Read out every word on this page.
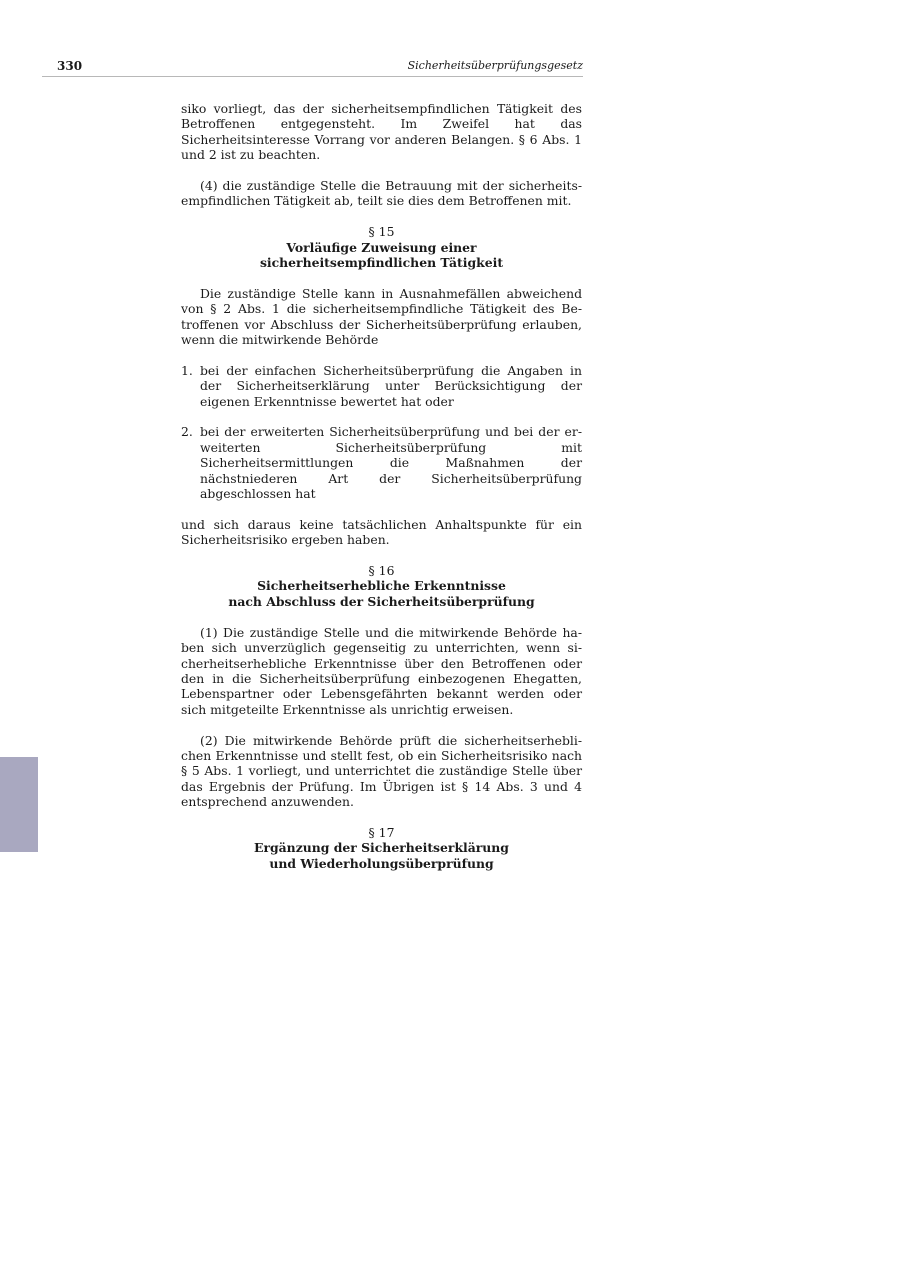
330	Sicherheitsüberprüfungsgesetz

siko vorliegt, das der sicherheitsempfindlichen Tätigkeit des Betroffenen entgegensteht. Im Zweifel hat das Sicherheitsinteresse Vorrang vor anderen Belangen. § 6 Abs. 1 und 2 ist zu beachten.

(4) die zuständige Stelle die Betrauung mit der sicherheitsempfindlichen Tätigkeit ab, teilt sie dies dem Betroffenen mit.

§ 15
Vorläufige Zuweisung einer
sicherheitsempfindlichen Tätigkeit

Die zuständige Stelle kann in Ausnahmefällen abweichend von § 2 Abs. 1 die sicherheitsempfindliche Tätigkeit des Betroffenen vor Abschluss der Sicherheitsüberprüfung erlauben, wenn die mitwirkende Behörde

1. bei der einfachen Sicherheitsüberprüfung die Angaben in der Sicherheitserklärung unter Berücksichtigung der eigenen Erkenntnisse bewertet hat oder
2. bei der erweiterten Sicherheitsüberprüfung und bei der erweiterten Sicherheitsüberprüfung mit Sicherheitsermittlungen die Maßnahmen der nächstniederen Art der Sicherheitsüberprüfung abgeschlossen hat

und sich daraus keine tatsächlichen Anhaltspunkte für ein Sicherheitsrisiko ergeben haben.

§ 16
Sicherheitserhebliche Erkenntnisse
nach Abschluss der Sicherheitsüberprüfung

(1) Die zuständige Stelle und die mitwirkende Behörde haben sich unverzüglich gegenseitig zu unterrichten, wenn sicherheitserhebliche Erkenntnisse über den Betroffenen oder den in die Sicherheitsüberprüfung einbezogenen Ehegatten, Lebenspartner oder Lebensgefährten bekannt werden oder sich mitgeteilte Erkenntnisse als unrichtig erweisen.

(2) Die mitwirkende Behörde prüft die sicherheitserheblichen Erkenntnisse und stellt fest, ob ein Sicherheitsrisiko nach § 5 Abs. 1 vorliegt, und unterrichtet die zuständige Stelle über das Ergebnis der Prüfung. Im Übrigen ist § 14 Abs. 3 und 4 entsprechend anzuwenden.

§ 17
Ergänzung der Sicherheitserklärung
und Wiederholungsüberprüfung
